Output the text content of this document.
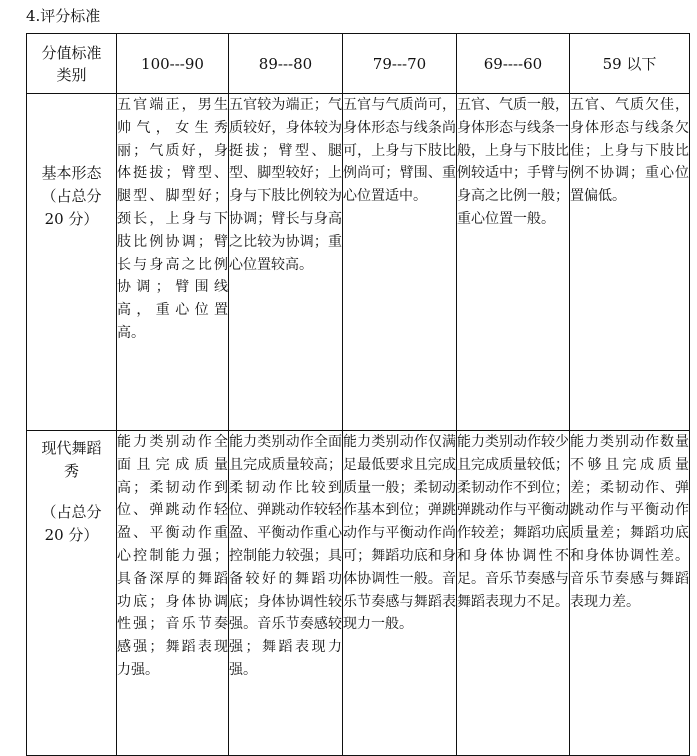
4.评分标准
分值标准
类别	100---90	89---80	79---70	69----60	59 以下

基本形态
（占总分
20 分）	五官端正，男生帅气，女生秀丽；气质好，身体挺拔；臂型、腿型、脚型好；颈长，上身与下肢比例协调；臂长与身高之比例协调；臂围线高，重心位置高。	五官较为端正；气质较好，身体较为挺拔；臂型、腿型、脚型较好；上身与下肢比例较为协调；臂长与身高之比较为协调；重心位置较高。	五官与气质尚可，身体形态与线条尚可，上身与下肢比例尚可；臂围、重心位置适中。	五官、气质一般，身体形态与线条一般，上身与下肢比例较适中；手臂与身高之比例一般；重心位置一般。	五官、气质欠佳，身体形态与线条欠佳；上身与下肢比例不协调；重心位置偏低。

现代舞蹈秀
（占总分
20 分）	能力类别动作全面且完成质量高；柔韧动作到位、弹跳动作轻盈、平衡动作重心控制能力强；具备深厚的舞蹈功底；身体协调性强；音乐节奏感强；舞蹈表现力强。	能力类别动作全面且完成质量较高；柔韧动作比较到位、弹跳动作较轻盈、平衡动作重心控制能力较强；具备较好的舞蹈功底；身体协调性较强。音乐节奏感较强；舞蹈表现力强。	能力类别动作仅满足最低要求且完成质量一般；柔韧动作基本到位；弹跳动作与平衡动作尚可；舞蹈功底和身体协调性一般。音乐节奏感与舞蹈表现力一般。	能力类别动作较少且完成质量较低；柔韧动作不到位；弹跳动作与平衡动作较差；舞蹈功底和身体协调性不足。音乐节奏感与舞蹈表现力不足。	能力类别动作数量不够且完成质量差；柔韧动作、弹跳动作与平衡动作质量差；舞蹈功底和身体协调性差。音乐节奏感与舞蹈表现力差。
